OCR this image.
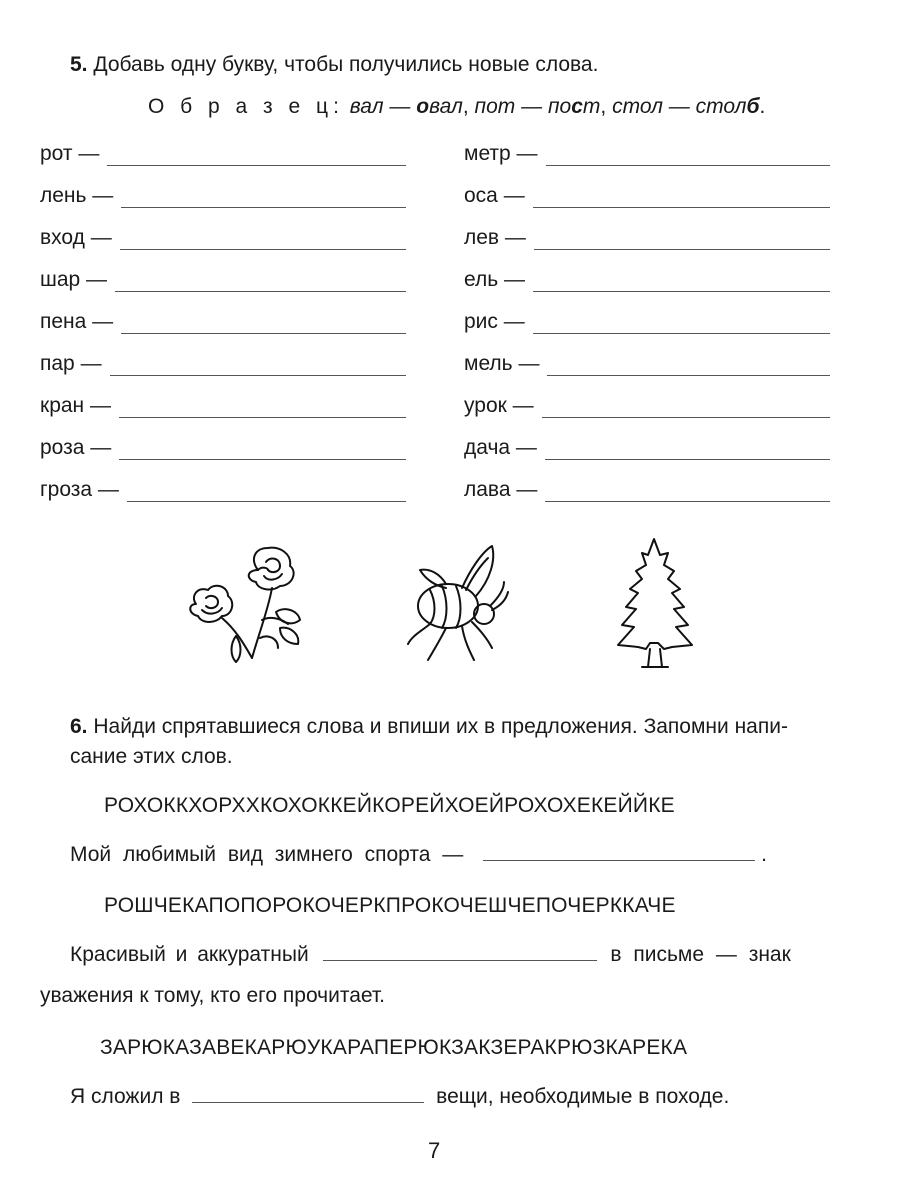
5. Добавь одну букву, чтобы получились новые слова.
О б р а з е ц: вал — овал, пот — пост, стол — столб.
рот —
лень —
вход —
шар —
пена —
пар —
кран —
роза —
гроза —
метр —
оса —
лев —
ель —
рис —
мель —
урок —
дача —
лава —
6. Найди спрятавшиеся слова и впиши их в предложения. Запомни напи-
сание этих слов.
РОХОККХОРХХКОХОККЕЙКОРЕЙХОЕЙРОХОХЕКЕЙЙКЕ
Мой любимый вид зимнего спорта —	.
РОШЧЕКАПОПОРОКОЧЕРКПРОКОЧЕШЧЕПОЧЕРККАЧЕ
Красивый и аккуратный	в письме — знак
уважения к тому, кто его прочитает.
ЗАРЮКАЗАВЕКАРЮУКАРАПЕРЮКЗАКЗЕРАКРЮЗКАРЕКА
Я сложил в	вещи, необходимые в походе.
7
